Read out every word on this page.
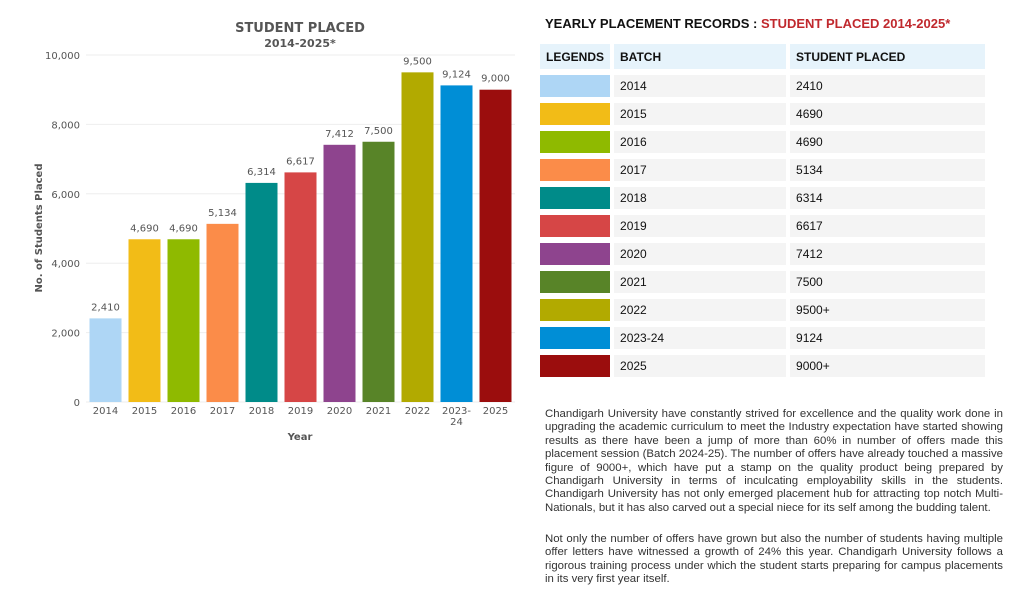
STUDENT PLACED
2014-2025*
0
2,000
4,000
6,000
8,000
10,000
2,410
2014
4,690
2015
4,690
2016
5,134
2017
6,314
2018
6,617
2019
7,412
2020
7,500
2021
9,500
2022
9,124
2023-24
9,000
2025
Year
No. of Students Placed
YEARLY PLACEMENT RECORDS : STUDENT PLACED 2014-2025*
LEGENDS	BATCH	STUDENT PLACED
	2014	2410
	2015	4690
	2016	4690
	2017	5134
	2018	6314
	2019	6617
	2020	7412
	2021	7500
	2022	9500+
	2023-24	9124
	2025	9000+

Chandigarh University have constantly strived for excellence and the quality work done in upgrading the academic curriculum to meet the Industry expectation have started showing results as there have been a jump of more than 60% in number of offers made this placement session (Batch 2024-25). The number of offers have already touched a massive figure of 9000+, which have put a stamp on the quality product being prepared by Chandigarh University in terms of inculcating employability skills in the students. Chandigarh University has not only emerged placement hub for attracting top notch Multi-Nationals, but it has also carved out a special niece for its self among the budding talent.

Not only the number of offers have grown but also the number of students having multiple offer letters have witnessed a growth of 24% this year. Chandigarh University follows a rigorous training process under which the student starts preparing for campus placements in its very first year itself.
